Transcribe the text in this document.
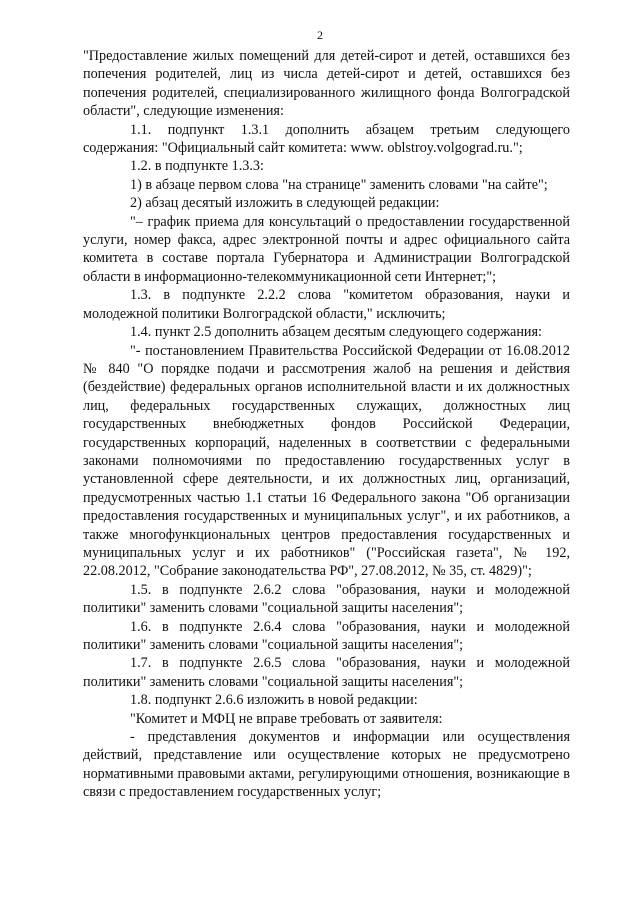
2

"Предоставление жилых помещений для детей-сирот и детей, оставшихся без попечения родителей, лиц из числа детей-сирот и детей, оставшихся без попечения родителей, специализированного жилищного фонда Волгоградской области", следующие изменения:

1.1. подпункт 1.3.1 дополнить абзацем третьим следующего содержания: "Официальный сайт комитета: www. oblstroy.volgograd.ru.";

1.2. в подпункте 1.3.3:

1) в абзаце первом слова "на странице" заменить словами "на сайте";

2) абзац десятый изложить в следующей редакции:

"– график приема для консультаций о предоставлении государственной услуги, номер факса, адрес электронной почты и адрес официального сайта комитета в составе портала Губернатора и Администрации Волгоградской области в информационно-телекоммуникационной сети Интернет;";

1.3. в подпункте 2.2.2 слова "комитетом образования, науки и молодежной политики Волгоградской области," исключить;

1.4. пункт 2.5 дополнить абзацем десятым следующего содержания:

"- постановлением Правительства Российской Федерации от 16.08.2012 № 840 "О порядке подачи и рассмотрения жалоб на решения и действия (бездействие) федеральных органов исполнительной власти и их должностных лиц, федеральных государственных служащих, должностных лиц государственных внебюджетных фондов Российской Федерации, государственных корпораций, наделенных в соответствии с федеральными законами полномочиями по предоставлению государственных услуг в установленной сфере деятельности, и их должностных лиц, организаций, предусмотренных частью 1.1 статьи 16 Федерального закона "Об организации предоставления государственных и муниципальных услуг", и их работников, а также многофункциональных центров предоставления государственных и муниципальных услуг и их работников" ("Российская газета", № 192, 22.08.2012, "Собрание законодательства РФ", 27.08.2012, № 35, ст. 4829)";

1.5. в подпункте 2.6.2 слова "образования, науки и молодежной политики" заменить словами "социальной защиты населения";

1.6. в подпункте 2.6.4 слова "образования, науки и молодежной политики" заменить словами "социальной защиты населения";

1.7. в подпункте 2.6.5 слова "образования, науки и молодежной политики" заменить словами "социальной защиты населения";

1.8. подпункт 2.6.6 изложить в новой редакции:

"Комитет и МФЦ не вправе требовать от заявителя:

- представления документов и информации или осуществления действий, представление или осуществление которых не предусмотрено нормативными правовыми актами, регулирующими отношения, возникающие в связи с предоставлением государственных услуг;
